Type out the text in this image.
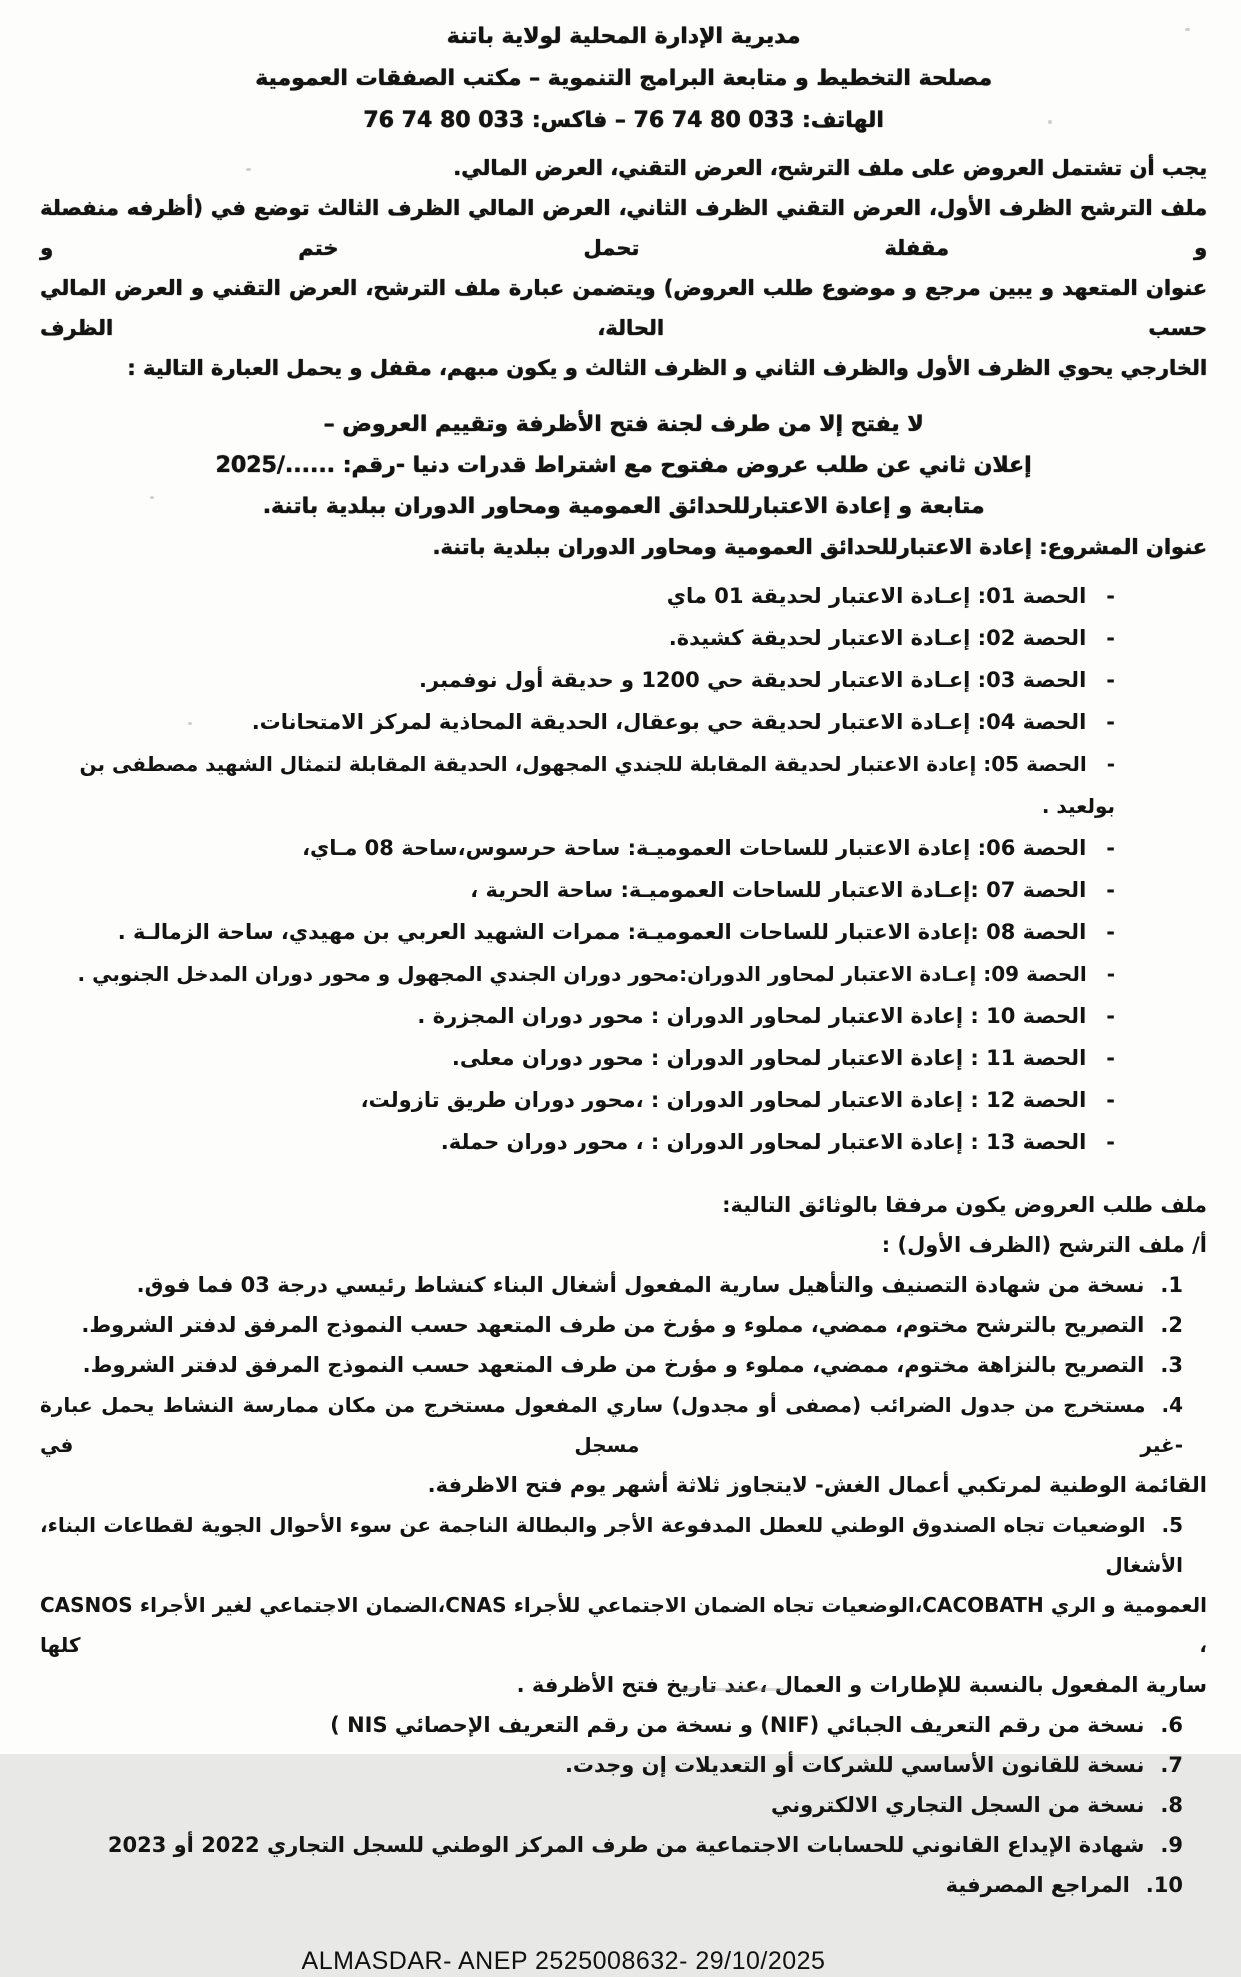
مديرية الإدارة المحلية لولاية باتنة
مصلحة التخطيط و متابعة البرامج التنموية – مكتب الصفقات العمومية
الهاتف: 033 80 74 76 – فاكس: 033 80 74 76
يجب أن تشتمل العروض على ملف الترشح، العرض التقني، العرض المالي.
ملف الترشح الظرف الأول، العرض التقني الظرف الثاني، العرض المالي الظرف الثالث توضع في (أظرفه منفصلة و مقفلة تحمل ختم و
عنوان المتعهد و يبين مرجع و موضوع طلب العروض) ويتضمن عبارة ملف الترشح، العرض التقني و العرض المالي حسب الحالة، الظرف
الخارجي يحوي الظرف الأول والظرف الثاني و الظرف الثالث و يكون مبهم، مقفل و يحمل العبارة التالية :
لا يفتح إلا من طرف لجنة فتح الأظرفة وتقييم العروض –
إعلان ثاني عن طلب عروض مفتوح مع اشتراط قدرات دنيا -رقم: ....../2025
متابعة و إعادة الاعتبارللحدائق العمومية ومحاور الدوران ببلدية باتنة.
عنوان المشروع: إعادة الاعتبارللحدائق العمومية ومحاور الدوران ببلدية باتنة.
-الحصة 01: إعـادة الاعتبار لحديقة 01 ماي
-الحصة 02: إعـادة الاعتبار لحديقة كشيدة.
-الحصة 03: إعـادة الاعتبار لحديقة حي 1200 و حديقة أول نوفمبر.
-الحصة 04: إعـادة الاعتبار لحديقة حي بوعقال، الحديقة المحاذية لمركز الامتحانات.
-الحصة 05: إعادة الاعتبار لحديقة المقابلة للجندي المجهول، الحديقة المقابلة لتمثال الشهيد مصطفى بن بولعيد .
-الحصة 06: إعادة الاعتبار للساحات العموميـة: ساحة حرسوس،ساحة 08 مـاي،
-الحصة 07 :إعـادة الاعتبار للساحات العموميـة: ساحة الحرية ،
-الحصة 08 :إعادة الاعتبار للساحات العموميـة: ممرات الشهيد العربي بن مهيدي، ساحة الزمالـة .
-الحصة 09: إعـادة الاعتبار لمحاور الدوران:محور دوران الجندي المجهول و محور دوران المدخل الجنوبي .
-الحصة 10 : إعادة الاعتبار لمحاور الدوران : محور دوران المجزرة .
-الحصة 11 : إعادة الاعتبار لمحاور الدوران : محور دوران معلى.
-الحصة 12 : إعادة الاعتبار لمحاور الدوران : ،محور دوران طريق تازولت،
-الحصة 13 : إعادة الاعتبار لمحاور الدوران : ، محور دوران حملة.
ملف طلب العروض يكون مرفقا بالوثائق التالية:
أ/ ملف الترشح (الظرف الأول) :
1.نسخة من شهادة التصنيف والتأهيل سارية المفعول أشغال البناء كنشاط رئيسي درجة 03 فما فوق.
2.التصريح بالترشح مختوم، ممضي، مملوء و مؤرخ من طرف المتعهد حسب النموذج المرفق لدفتر الشروط.
3.التصريح بالنزاهة مختوم، ممضي، مملوء و مؤرخ من طرف المتعهد حسب النموذج المرفق لدفتر الشروط.
4.مستخرج من جدول الضرائب (مصفى أو مجدول) ساري المفعول مستخرج من مكان ممارسة النشاط يحمل عبارة -غير مسجل في
القائمة الوطنية لمرتكبي أعمال الغش- لايتجاوز ثلاثة أشهر يوم فتح الاظرفة.
5.الوضعيات تجاه الصندوق الوطني للعطل المدفوعة الأجر والبطالة الناجمة عن سوء الأحوال الجوية لقطاعات البناء، الأشغال
العمومية و الري CACOBATH،الوضعيات تجاه الضمان الاجتماعي للأجراء CNAS،الضمان الاجتماعي لغير الأجراء CASNOS ، كلها
سارية المفعول بالنسبة للإطارات و العمال ،عند تاريخ فتح الأظرفة .
6.نسخة من رقم التعريف الجبائي (NIF) و نسخة من رقم التعريف الإحصائي NIS )
7.نسخة للقانون الأساسي للشركات أو التعديلات إن وجدت.
8.نسخة من السجل التجاري الالكتروني
9.شهادة الإيداع القانوني للحسابات الاجتماعية من طرف المركز الوطني للسجل التجاري 2022 أو 2023
10.المراجع المصرفية
ALMASDAR- ANEP 2525008632- 29/10/2025
